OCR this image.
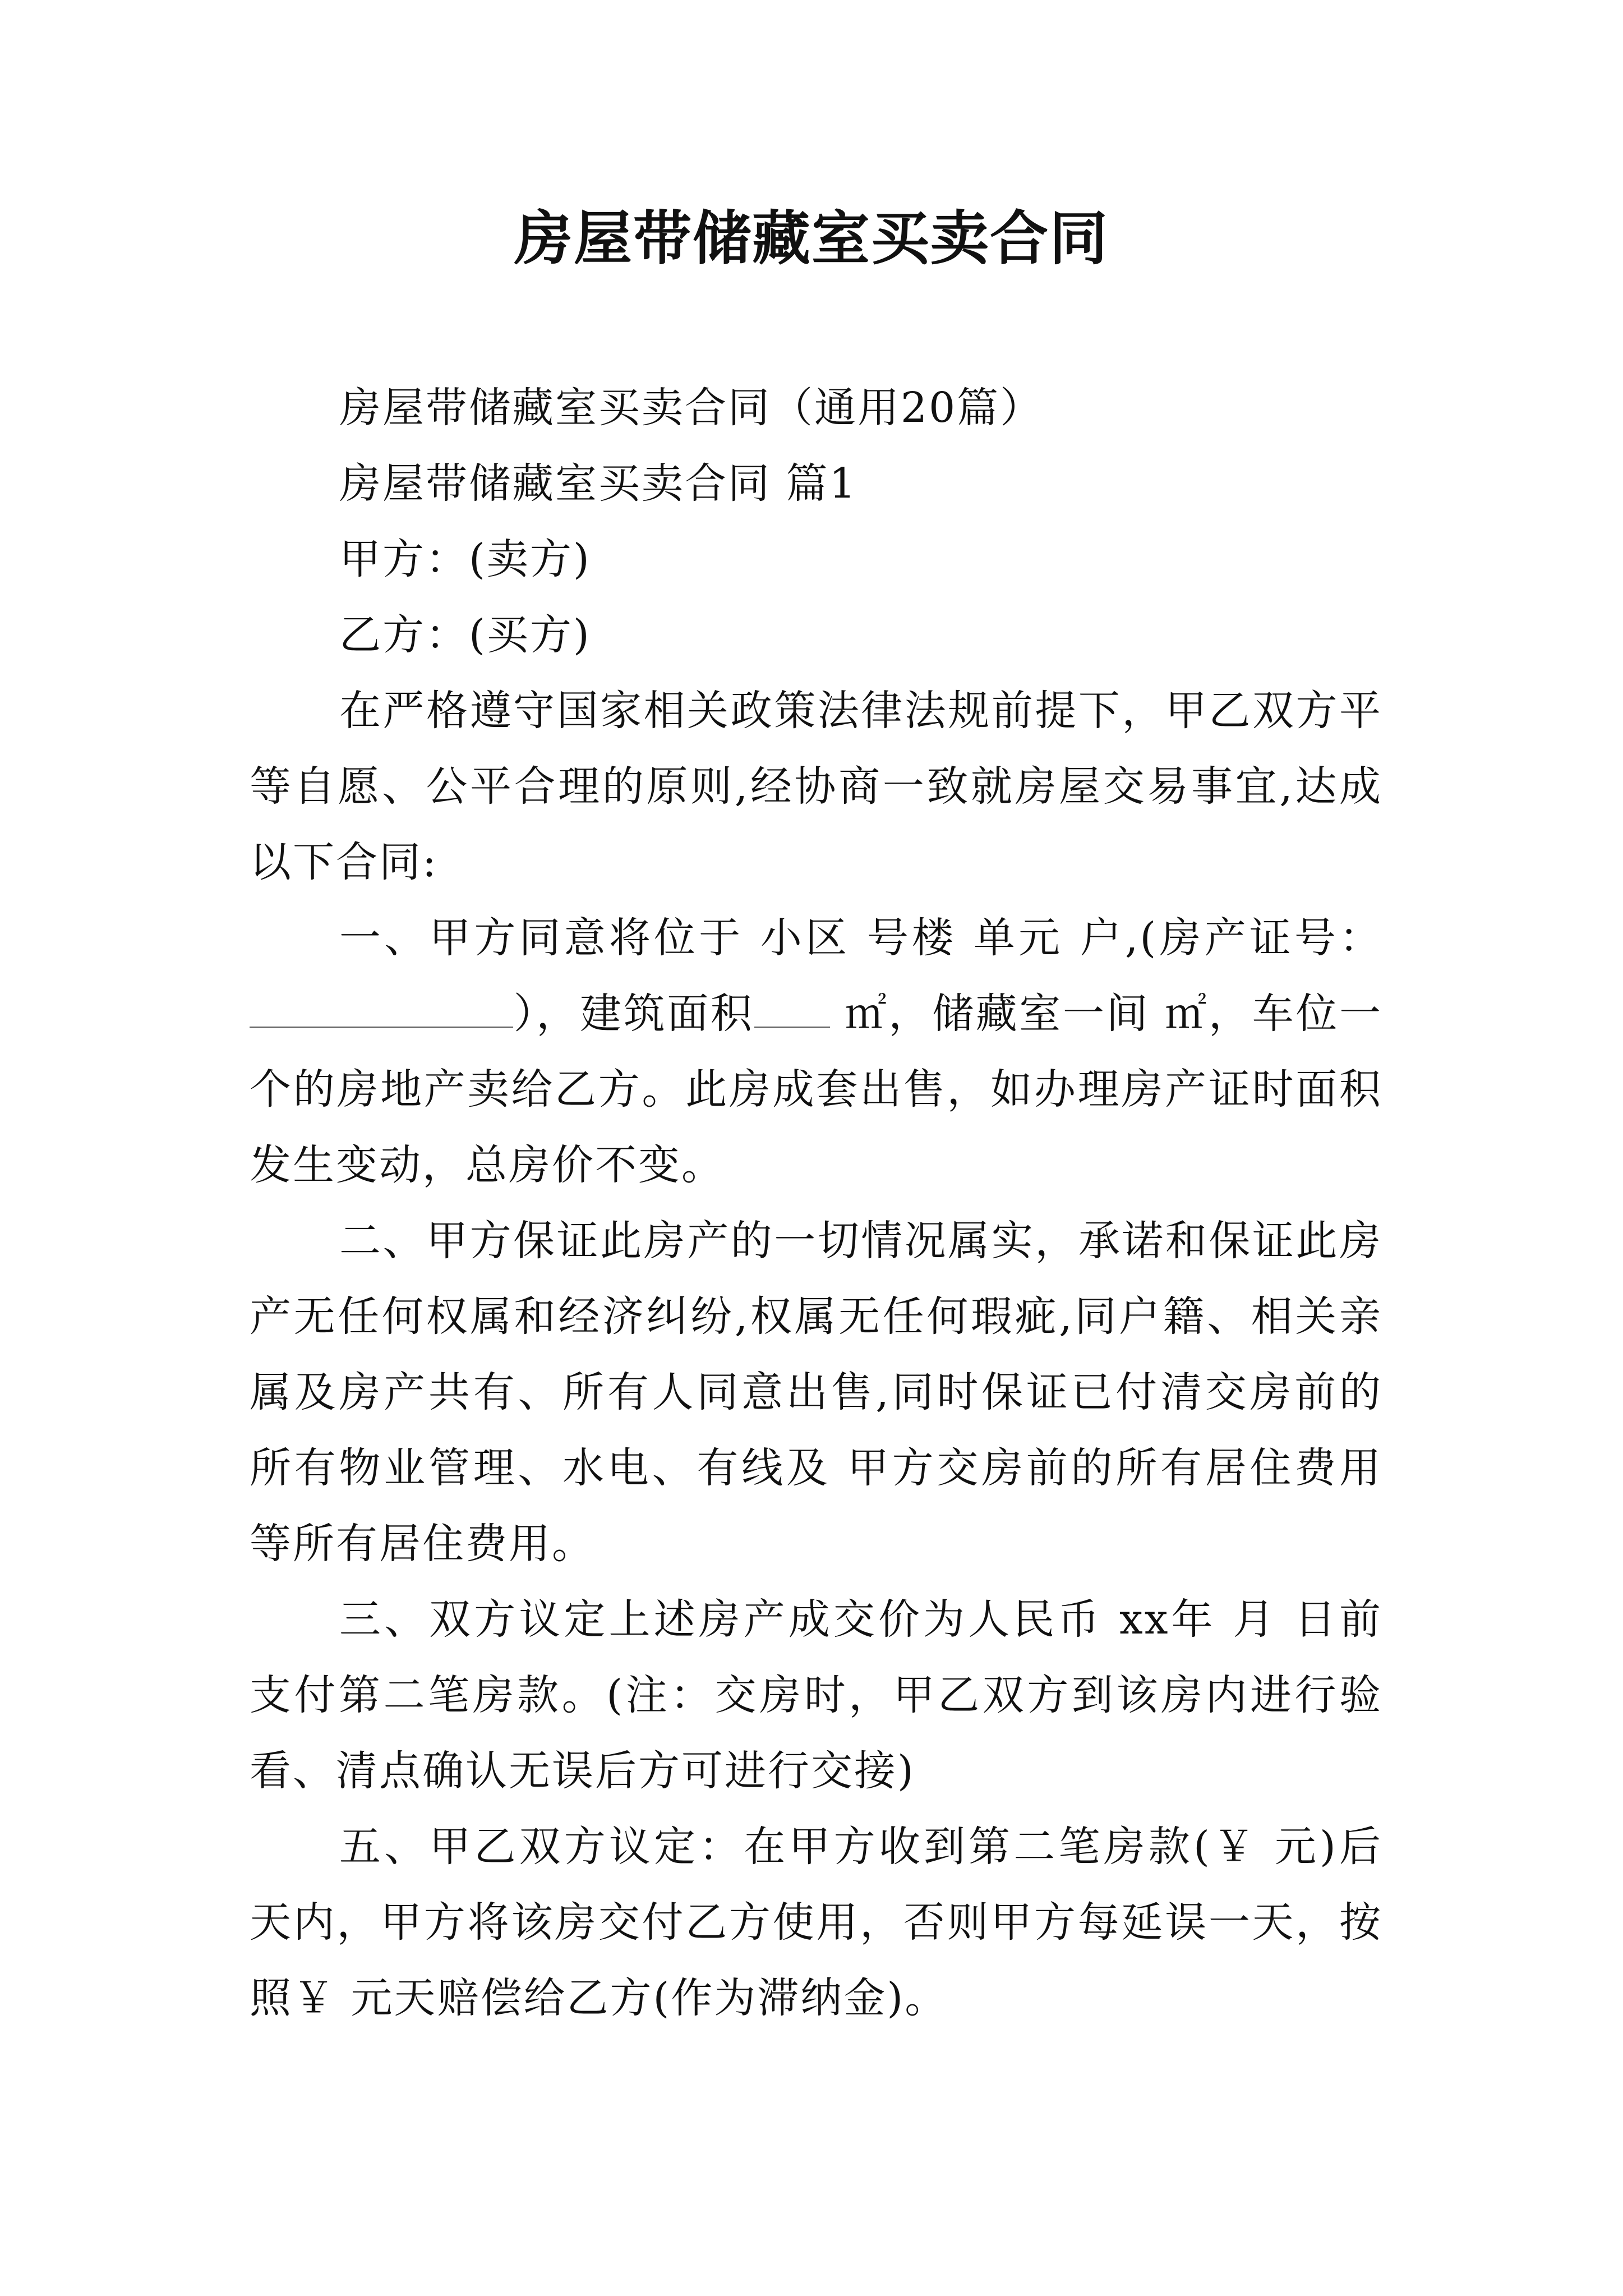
房屋带储藏室买卖合同

房屋带储藏室买卖合同（通用20篇）

房屋带储藏室买卖合同 篇1

甲方：(卖方)

乙方：(买方)

在严格遵守国家相关政策法律法规前提下，甲乙双方平等自愿、公平合理的原则,经协商一致就房屋交易事宜,达成以下合同:

一、甲方同意将位于 小区 号楼 单元 户,(房产证号：），建筑面积 ㎡，储藏室一间 ㎡，车位一个的房地产卖给乙方。此房成套出售，如办理房产证时面积发生变动，总房价不变。

二、甲方保证此房产的一切情况属实，承诺和保证此房产无任何权属和经济纠纷,权属无任何瑕疵,同户籍、相关亲属及房产共有、所有人同意出售,同时保证已付清交房前的所有物业管理、水电、有线及 甲方交房前的所有居住费用等所有居住费用。

三、双方议定上述房产成交价为人民币 xx年 月 日前支付第二笔房款。(注：交房时，甲乙双方到该房内进行验看、清点确认无误后方可进行交接)

五、甲乙双方议定：在甲方收到第二笔房款(￥ 元)后 天内，甲方将该房交付乙方使用，否则甲方每延误一天，按照￥ 元天赔偿给乙方(作为滞纳金)。
